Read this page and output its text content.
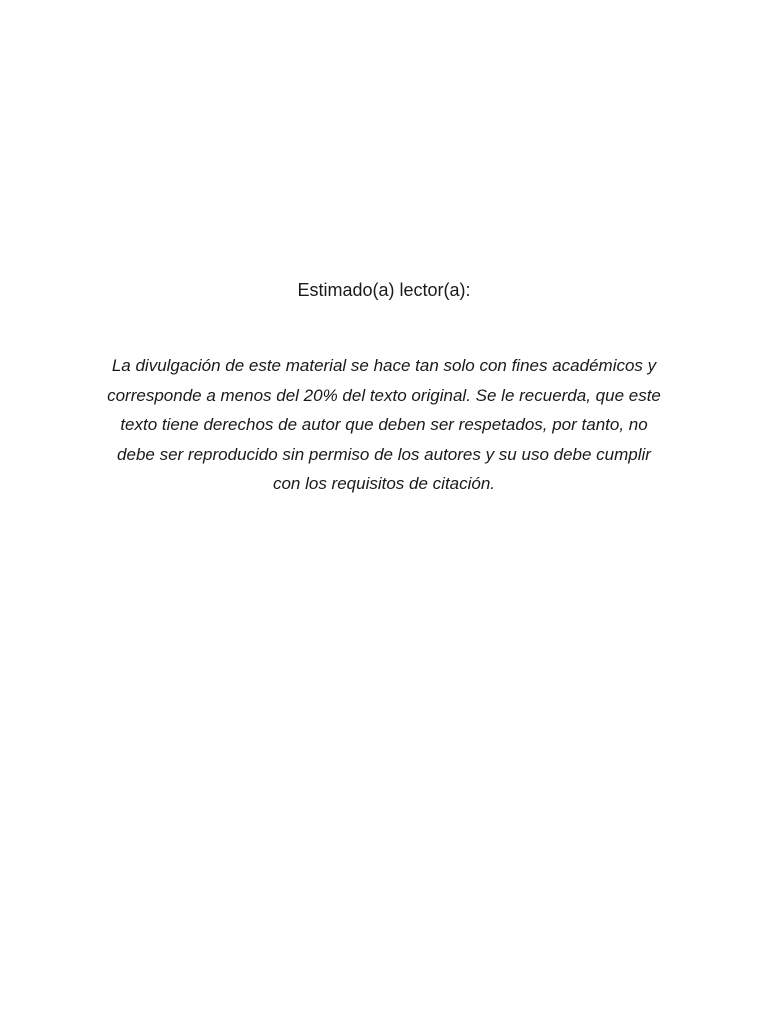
Estimado(a) lector(a):
La divulgación de este material se hace tan solo con fines académicos y corresponde a menos del 20% del texto original. Se le recuerda, que este texto tiene derechos de autor que deben ser respetados, por tanto, no debe ser reproducido sin permiso de los autores y su uso debe cumplir con los requisitos de citación.
